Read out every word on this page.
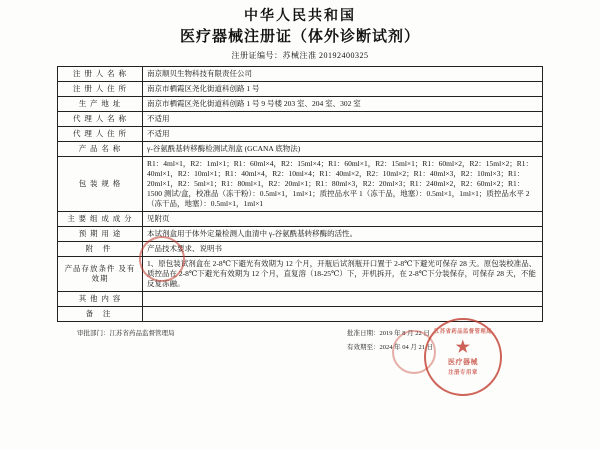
中华人民共和国
医疗器械注册证（体外诊断试剂）
注册证编号：苏械注准 20192400325
注 册 人 名 称	南京顺贝生物科技有限责任公司
注 册 人 住 所	南京市栖霞区尧化街道科创路 1 号
生 产 地 址	南京市栖霞区尧化街道科创路 1 号 9 号楼 203 室、204 室、302 室
代 理 人 名 称	不适用
代 理 人 住 所	不适用
产 品 名 称	γ-谷氨酰基转移酶检测试剂盒 (GCANA 底物法)
包 装 规 格	R1：4ml×1，R2：1ml×1；R1：60ml×4，R2：15ml×4；R1：60ml×1，R2：15ml×1；R1：60ml×2，R2：15ml×2；R1：40ml×1，R2：10ml×1；R1：40ml×4，R2：10ml×4；R1：40ml×2，R2：10ml×2；R1：40ml×3，R2：10ml×3；R1：20ml×1，R2：5ml×1；R1：80ml×1，R2：20ml×1；R1：80ml×3，R2：20ml×3；R1：240ml×2，R2：60ml×2；R1：1500 测试/盒，校准品（冻干粉）：0.5ml×1，1ml×1；质控品水平 1（冻干品，地塞）：0.5ml×1，1ml×1；质控品水平 2（冻干品，地塞）：0.5ml×1，1ml×1
主 要 组 成 成 分	见附页
预 期 用 途	本试剂盒用于体外定量检测人血清中 γ-谷氨酰基转移酶的活性。
附 件	产品技术要求、说明书
产品存放条件 及有效期	1、原包装试剂盒在 2-8℃下避光有效期为 12 个月，开瓶后试剂瓶开口置于 2-8℃下避光可保存 28 天。原包装校准品、质控品在 2-8℃下避光有效期为 12 个月，直复溶（18-25℃）下，开机拆开，在 2-8℃下分装保存，可保存 28 天，不能反复冻融。
其 他 内 容	
备 注	
审批部门：江苏省药品监督管理局	批准日期：2019 年 8 月 22 日
有效期至：2024 年 04 月 21 日
江苏省药品监督管理局
★
医疗器械
注册专用章
